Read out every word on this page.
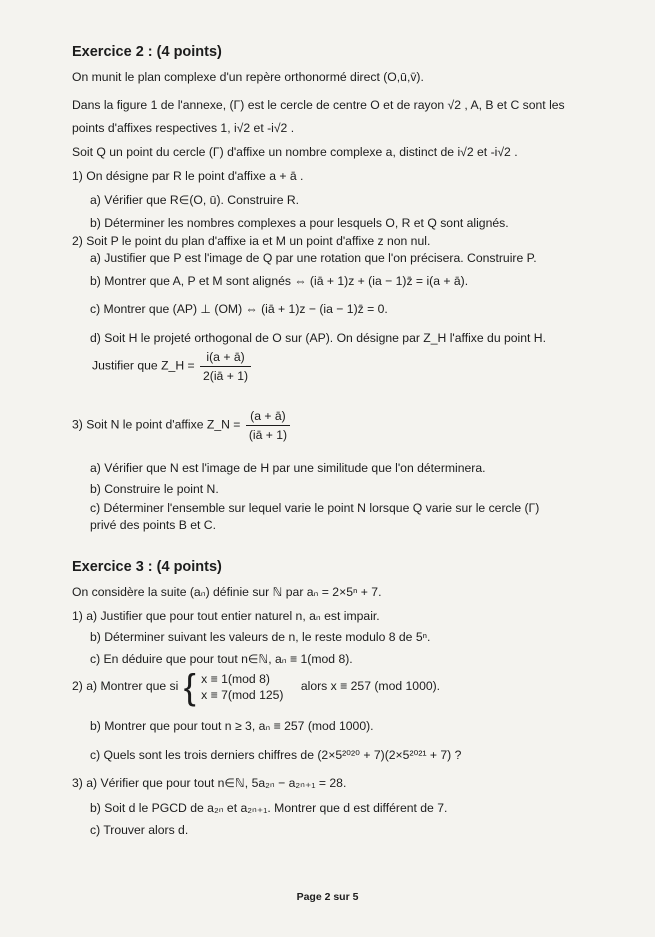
Exercice 2 : (4 points)
On munit le plan complexe d'un repère orthonormé direct (O,ū,v̄).
Dans la figure 1 de l'annexe, (Γ) est le cercle de centre O et de rayon √2 , A, B et C sont les
points d'affixes respectives 1, i√2 et -i√2 .
Soit Q un point du cercle (Γ) d'affixe un nombre complexe a, distinct de i√2 et -i√2 .
1) On désigne par R le point d'affixe a + ā .
a) Vérifier que R∈(O, ū). Construire R.
b) Déterminer les nombres complexes a pour lesquels O, R et Q sont alignés.
2) Soit P le point du plan d'affixe ia et M un point d'affixe z non nul.
a) Justifier que P est l'image de Q par une rotation que l'on précisera. Construire P.
b) Montrer que A, P et M sont alignés ⇔ (iā + 1)z + (ia − 1)z̄ = i(a + ā).
c) Montrer que (AP) ⊥ (OM) ⇔ (iā + 1)z − (ia − 1)z̄ = 0.
d) Soit H le projeté orthogonal de O sur (AP). On désigne par Z_H l'affixe du point H.
Justifier que Z_H = $\frac{i(a + ā)}{2(iā + 1)}$
3) Soit N le point d'affixe Z_N = $\frac{(a + ā)}{(iā + 1)}$
a) Vérifier que N est l'image de H par une similitude que l'on déterminera.
b) Construire le point N.
c) Déterminer l'ensemble sur lequel varie le point N lorsque Q varie sur le cercle (Γ)
privé des points B et C.
Exercice 3 : (4 points)
On considère la suite (aₙ) définie sur ℕ par aₙ = 2×5ⁿ + 7.
1) a) Justifier que pour tout entier naturel n, aₙ est impair.
b) Déterminer suivant les valeurs de n, le reste modulo 8 de 5ⁿ.
c) En déduire que pour tout n∈ℕ, aₙ ≡ 1(mod 8).
2) a) Montrer que si { x ≡ 1(mod 8)
x ≡ 7(mod 125)
alors x ≡ 257 (mod 1000).
b) Montrer que pour tout n ≥ 3, aₙ ≡ 257 (mod 1000).
c) Quels sont les trois derniers chiffres de (2×5²⁰²⁰ + 7)(2×5²⁰²¹ + 7) ?
3) a) Vérifier que pour tout n∈ℕ, 5a₂ₙ − a₂ₙ₊₁ = 28.
b) Soit d le PGCD de a₂ₙ et a₂ₙ₊₁. Montrer que d est différent de 7.
c) Trouver alors d.
Page 2 sur 5
